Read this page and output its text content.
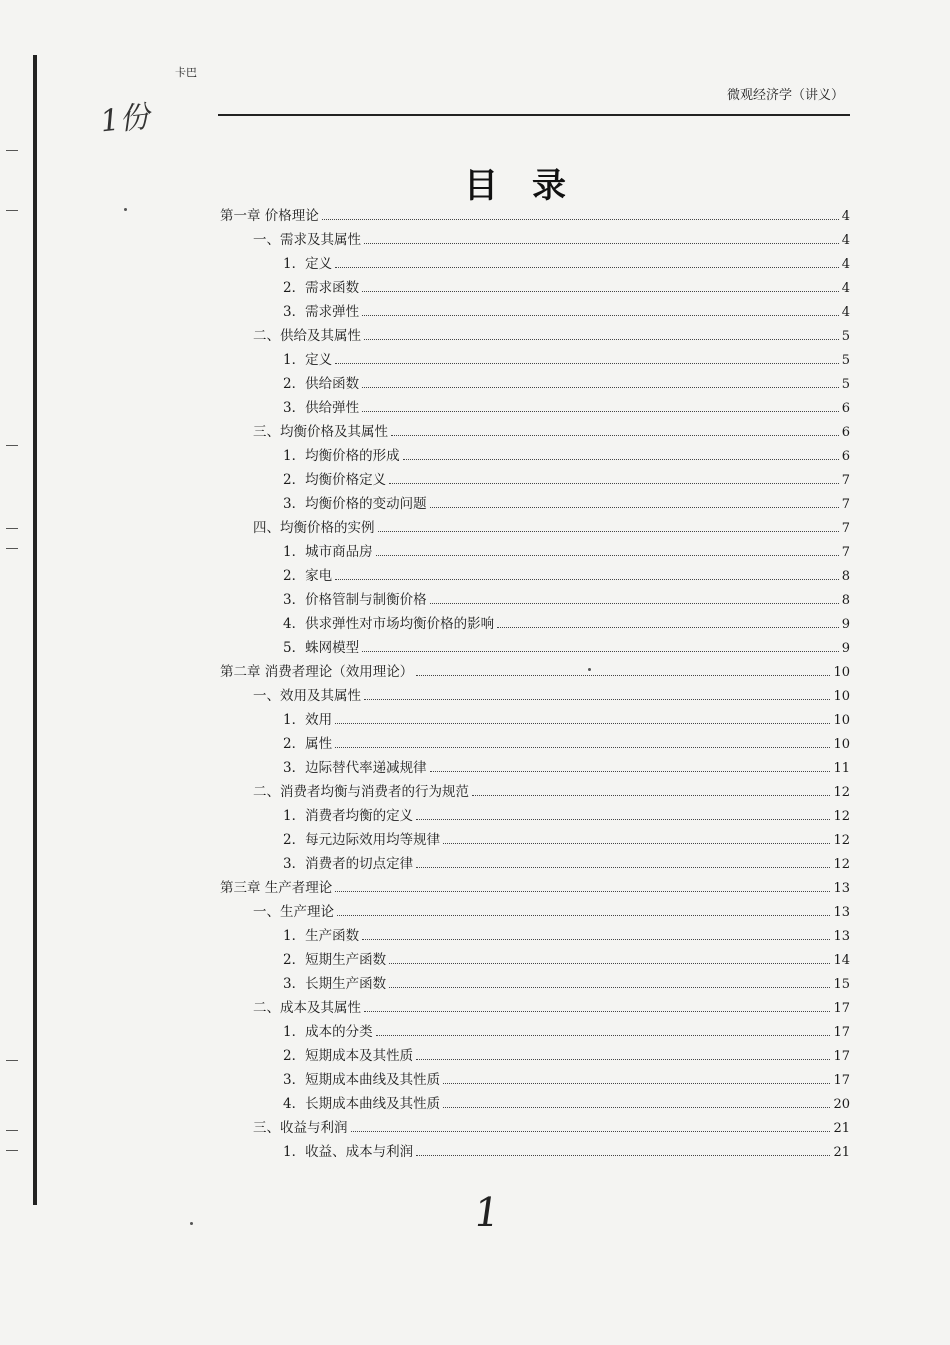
卡巴
1份
微观经济学（讲义）
目录
第一章 价格理论	4
一、需求及其属性	4
1．定义	4
2．需求函数	4
3．需求弹性	4
二、供给及其属性	5
1．定义	5
2．供给函数	5
3．供给弹性	6
三、均衡价格及其属性	6
1．均衡价格的形成	6
2．均衡价格定义	7
3．均衡价格的变动问题	7
四、均衡价格的实例	7
1．城市商品房	7
2．家电	8
3．价格管制与制衡价格	8
4．供求弹性对市场均衡价格的影响	9
5．蛛网模型	9
第二章 消费者理论（效用理论）	10
一、效用及其属性	10
1．效用	10
2．属性	10
3．边际替代率递减规律	11
二、消费者均衡与消费者的行为规范	12
1．消费者均衡的定义	12
2．每元边际效用均等规律	12
3．消费者的切点定律	12
第三章 生产者理论	13
一、生产理论	13
1．生产函数	13
2．短期生产函数	14
3．长期生产函数	15
二、成本及其属性	17
1．成本的分类	17
2．短期成本及其性质	17
3．短期成本曲线及其性质	17
4．长期成本曲线及其性质	20
三、收益与利润	21
1．收益、成本与利润	21
1
